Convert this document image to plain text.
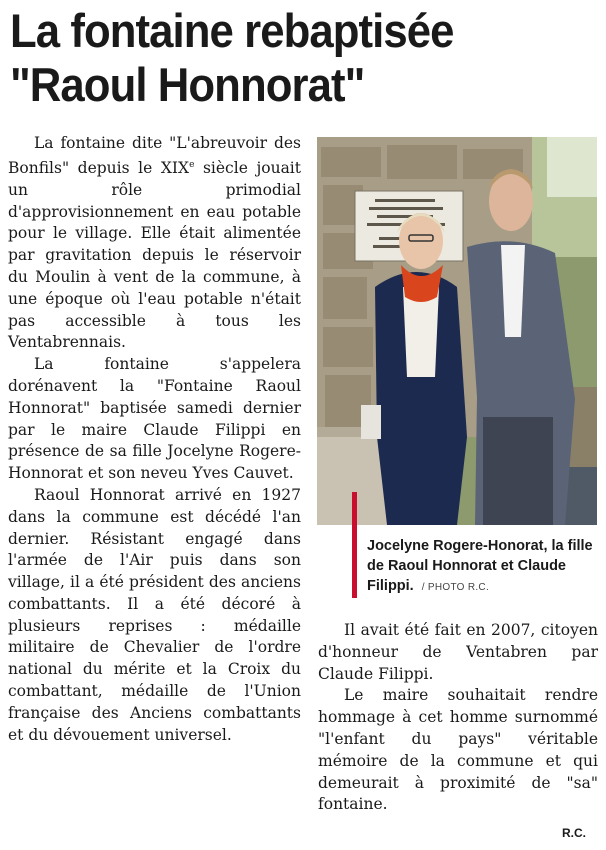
La fontaine rebaptisée
"Raoul Honnorat"

La fontaine dite "L'abreuvoir des Bonfils" depuis le XIXe siècle jouait un rôle primodial d'approvisionnement en eau potable pour le village. Elle était alimentée par gravitation depuis le réservoir du Moulin à vent de la commune, à une époque où l'eau potable n'était pas accessible à tous les Ventabrennais.

La fontaine s'appelera dorénavent la "Fontaine Raoul Honnorat" baptisée samedi dernier par le maire Claude Filippi en présence de sa fille Jocelyne Rogere-Honnorat et son neveu Yves Cauvet.

Raoul Honnorat arrivé en 1927 dans la commune est décédé l'an dernier. Résistant engagé dans l'armée de l'Air puis dans son village, il a été président des anciens combattants. Il a été décoré à plusieurs reprises : médaille militaire de Chevalier de l'ordre national du mérite et la Croix du combattant, médaille de l'Union française des Anciens combattants et du dévouement universel.

Jocelyne Rogere-Honorat, la fille de Raoul Honnorat et Claude Filippi. / PHOTO R.C.

Il avait été fait en 2007, citoyen d'honneur de Ventabren par Claude Filippi.

Le maire souhaitait rendre hommage à cet homme surnommé "l'enfant du pays" véritable mémoire de la commune et qui demeurait à proximité de "sa" fontaine.

R.C.
